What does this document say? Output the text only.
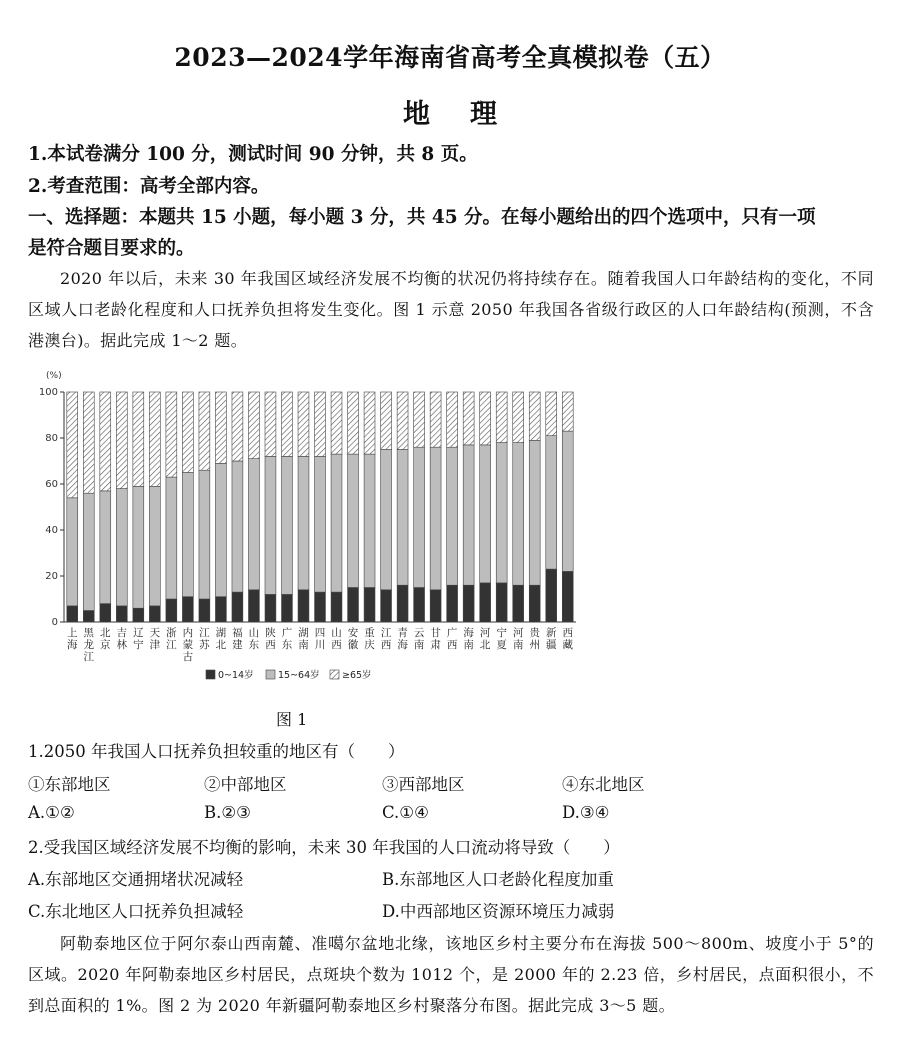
2023—2024学年海南省高考全真模拟卷（五）
地理

1.本试卷满分 100 分，测试时间 90 分钟，共 8 页。

2.考查范围：高考全部内容。

一、选择题：本题共 15 小题，每小题 3 分，共 45 分。在每小题给出的四个选项中，只有一项

是符合题目要求的。

2020 年以后，未来 30 年我国区域经济发展不均衡的状况仍将持续存在。随着我国人口年龄结构的变化，不同区域人口老龄化程度和人口抚养负担将发生变化。图 1 示意 2050 年我国各省级行政区的人口年龄结构(预测，不含港澳台)。据此完成 1～2 题。

(%)
0
20
40
60
80
100
上海
黑龙江
北京
吉林
辽宁
天津
浙江
内蒙古
江苏
湖北
福建
山东
陕西
广东
湖南
四川
山西
安徽
重庆
江西
青海
云南
甘肃
广西
海南
河北
宁夏
河南
贵州
新疆
西藏
0~14岁	15~64岁 ≥65岁

图 1

1.2050 年我国人口抚养负担较重的地区有（　　）

①东部地区	②中部地区	③西部地区	④东北地区

A.①②	B.②③	C.①④	D.③④

2.受我国区域经济发展不均衡的影响，未来 30 年我国的人口流动将导致（　　）

A.东部地区交通拥堵状况减轻	B.东部地区人口老龄化程度加重

C.东北地区人口抚养负担减轻	D.中西部地区资源环境压力减弱

阿勒泰地区位于阿尔泰山西南麓、准噶尔盆地北缘，该地区乡村主要分布在海拔 500～800m、坡度小于 5°的区域。2020 年阿勒泰地区乡村居民，点斑块个数为 1012 个，是 2000 年的 2.23 倍，乡村居民，点面积很小，不到总面积的 1%。图 2 为 2020 年新疆阿勒泰地区乡村聚落分布图。据此完成 3～5 题。
